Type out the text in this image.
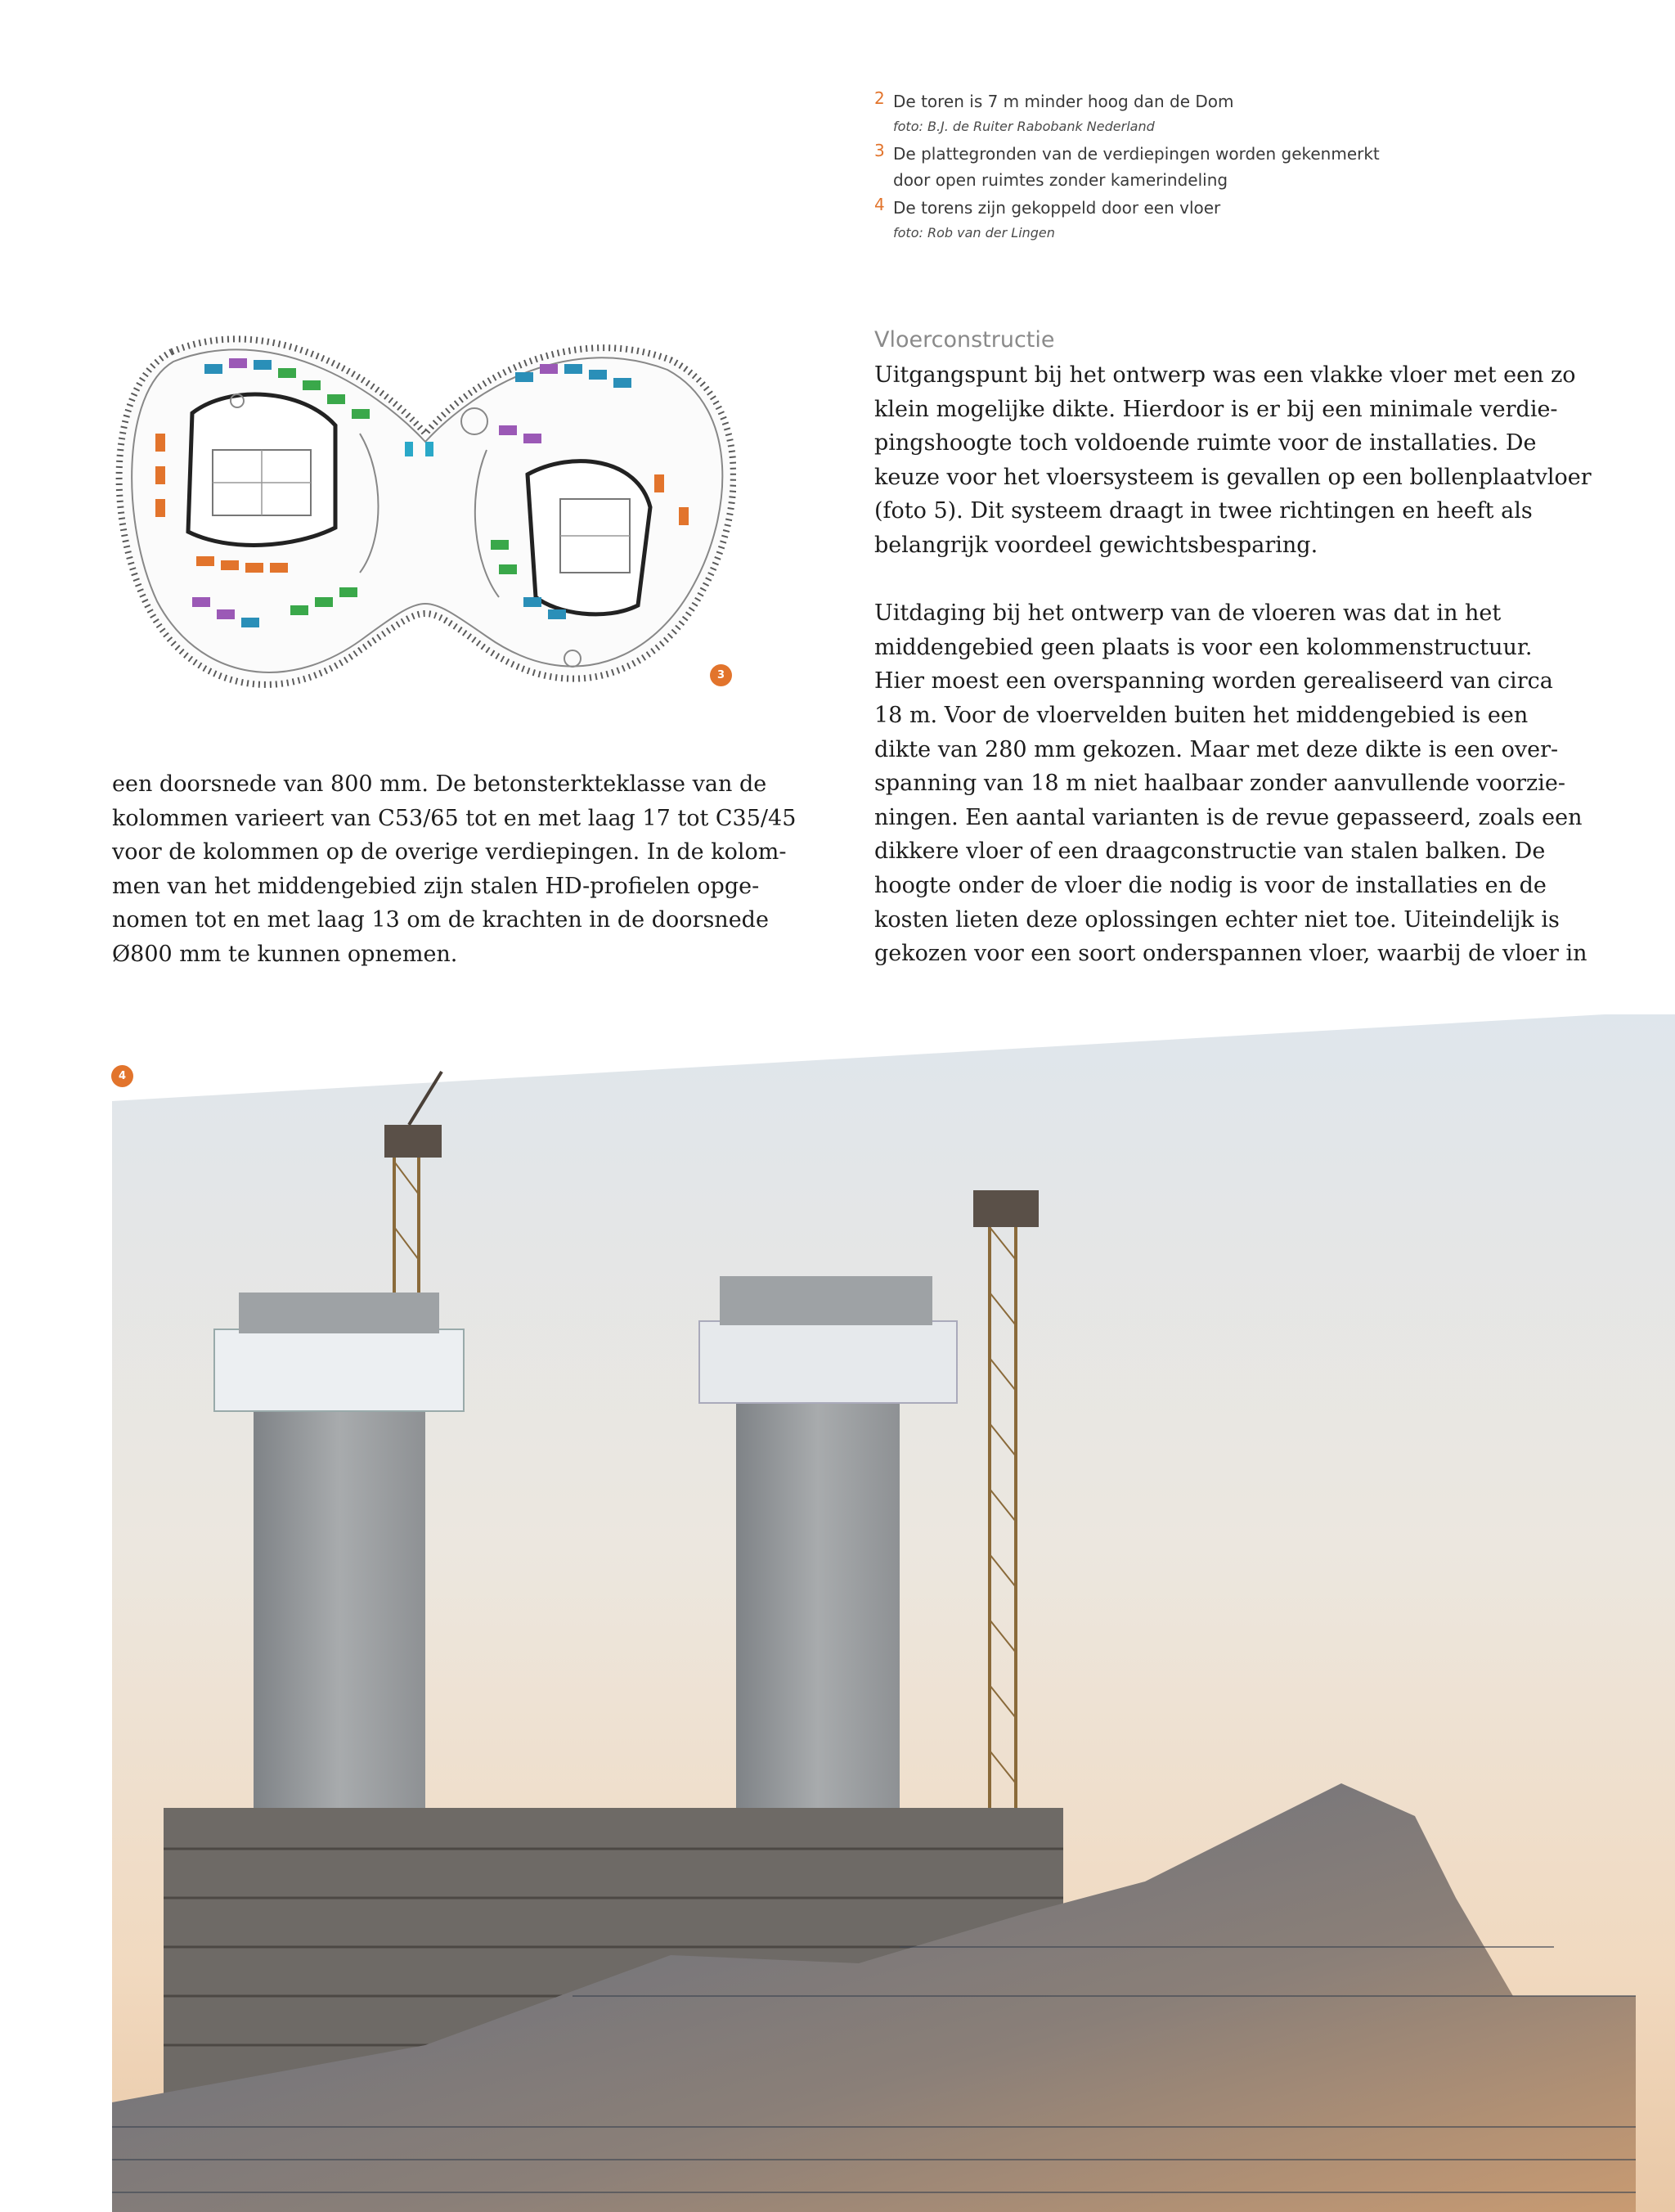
2 De toren is 7 m minder hoog dan de Dom
foto: B.J. de Ruiter Rabobank Nederland
3 De plattegronden van de verdiepingen worden gekenmerkt
door open ruimtes zonder kamerindeling
4 De torens zijn gekoppeld door een vloer
foto: Rob van der Lingen
3
een doorsnede van 800 mm. De betonsterkteklasse van de
kolommen varieert van C53/65 tot en met laag 17 tot C35/45
voor de kolommen op de overige verdiepingen. In de kolom-
men van het middengebied zijn stalen HD-profielen opge-
nomen tot en met laag 13 om de krachten in de doorsnede
Ø800 mm te kunnen opnemen.
Vloerconstructie
Uitgangspunt bij het ontwerp was een vlakke vloer met een zo
klein mogelijke dikte. Hierdoor is er bij een minimale verdie-
pingshoogte toch voldoende ruimte voor de installaties. De
keuze voor het vloersysteem is gevallen op een bollenplaatvloer
(foto 5). Dit systeem draagt in twee richtingen en heeft als
belangrijk voordeel gewichtsbesparing.
Uitdaging bij het ontwerp van de vloeren was dat in het
middengebied geen plaats is voor een kolommenstructuur.
Hier moest een overspanning worden gerealiseerd van circa
18 m. Voor de vloervelden buiten het middengebied is een
dikte van 280 mm gekozen. Maar met deze dikte is een over-
spanning van 18 m niet haalbaar zonder aanvullende voorzie-
ningen. Een aantal varianten is de revue gepasseerd, zoals een
dikkere vloer of een draagconstructie van stalen balken. De
hoogte onder de vloer die nodig is voor de installaties en de
kosten lieten deze oplossingen echter niet toe. Uiteindelijk is
gekozen voor een soort onderspannen vloer, waarbij de vloer in
4
